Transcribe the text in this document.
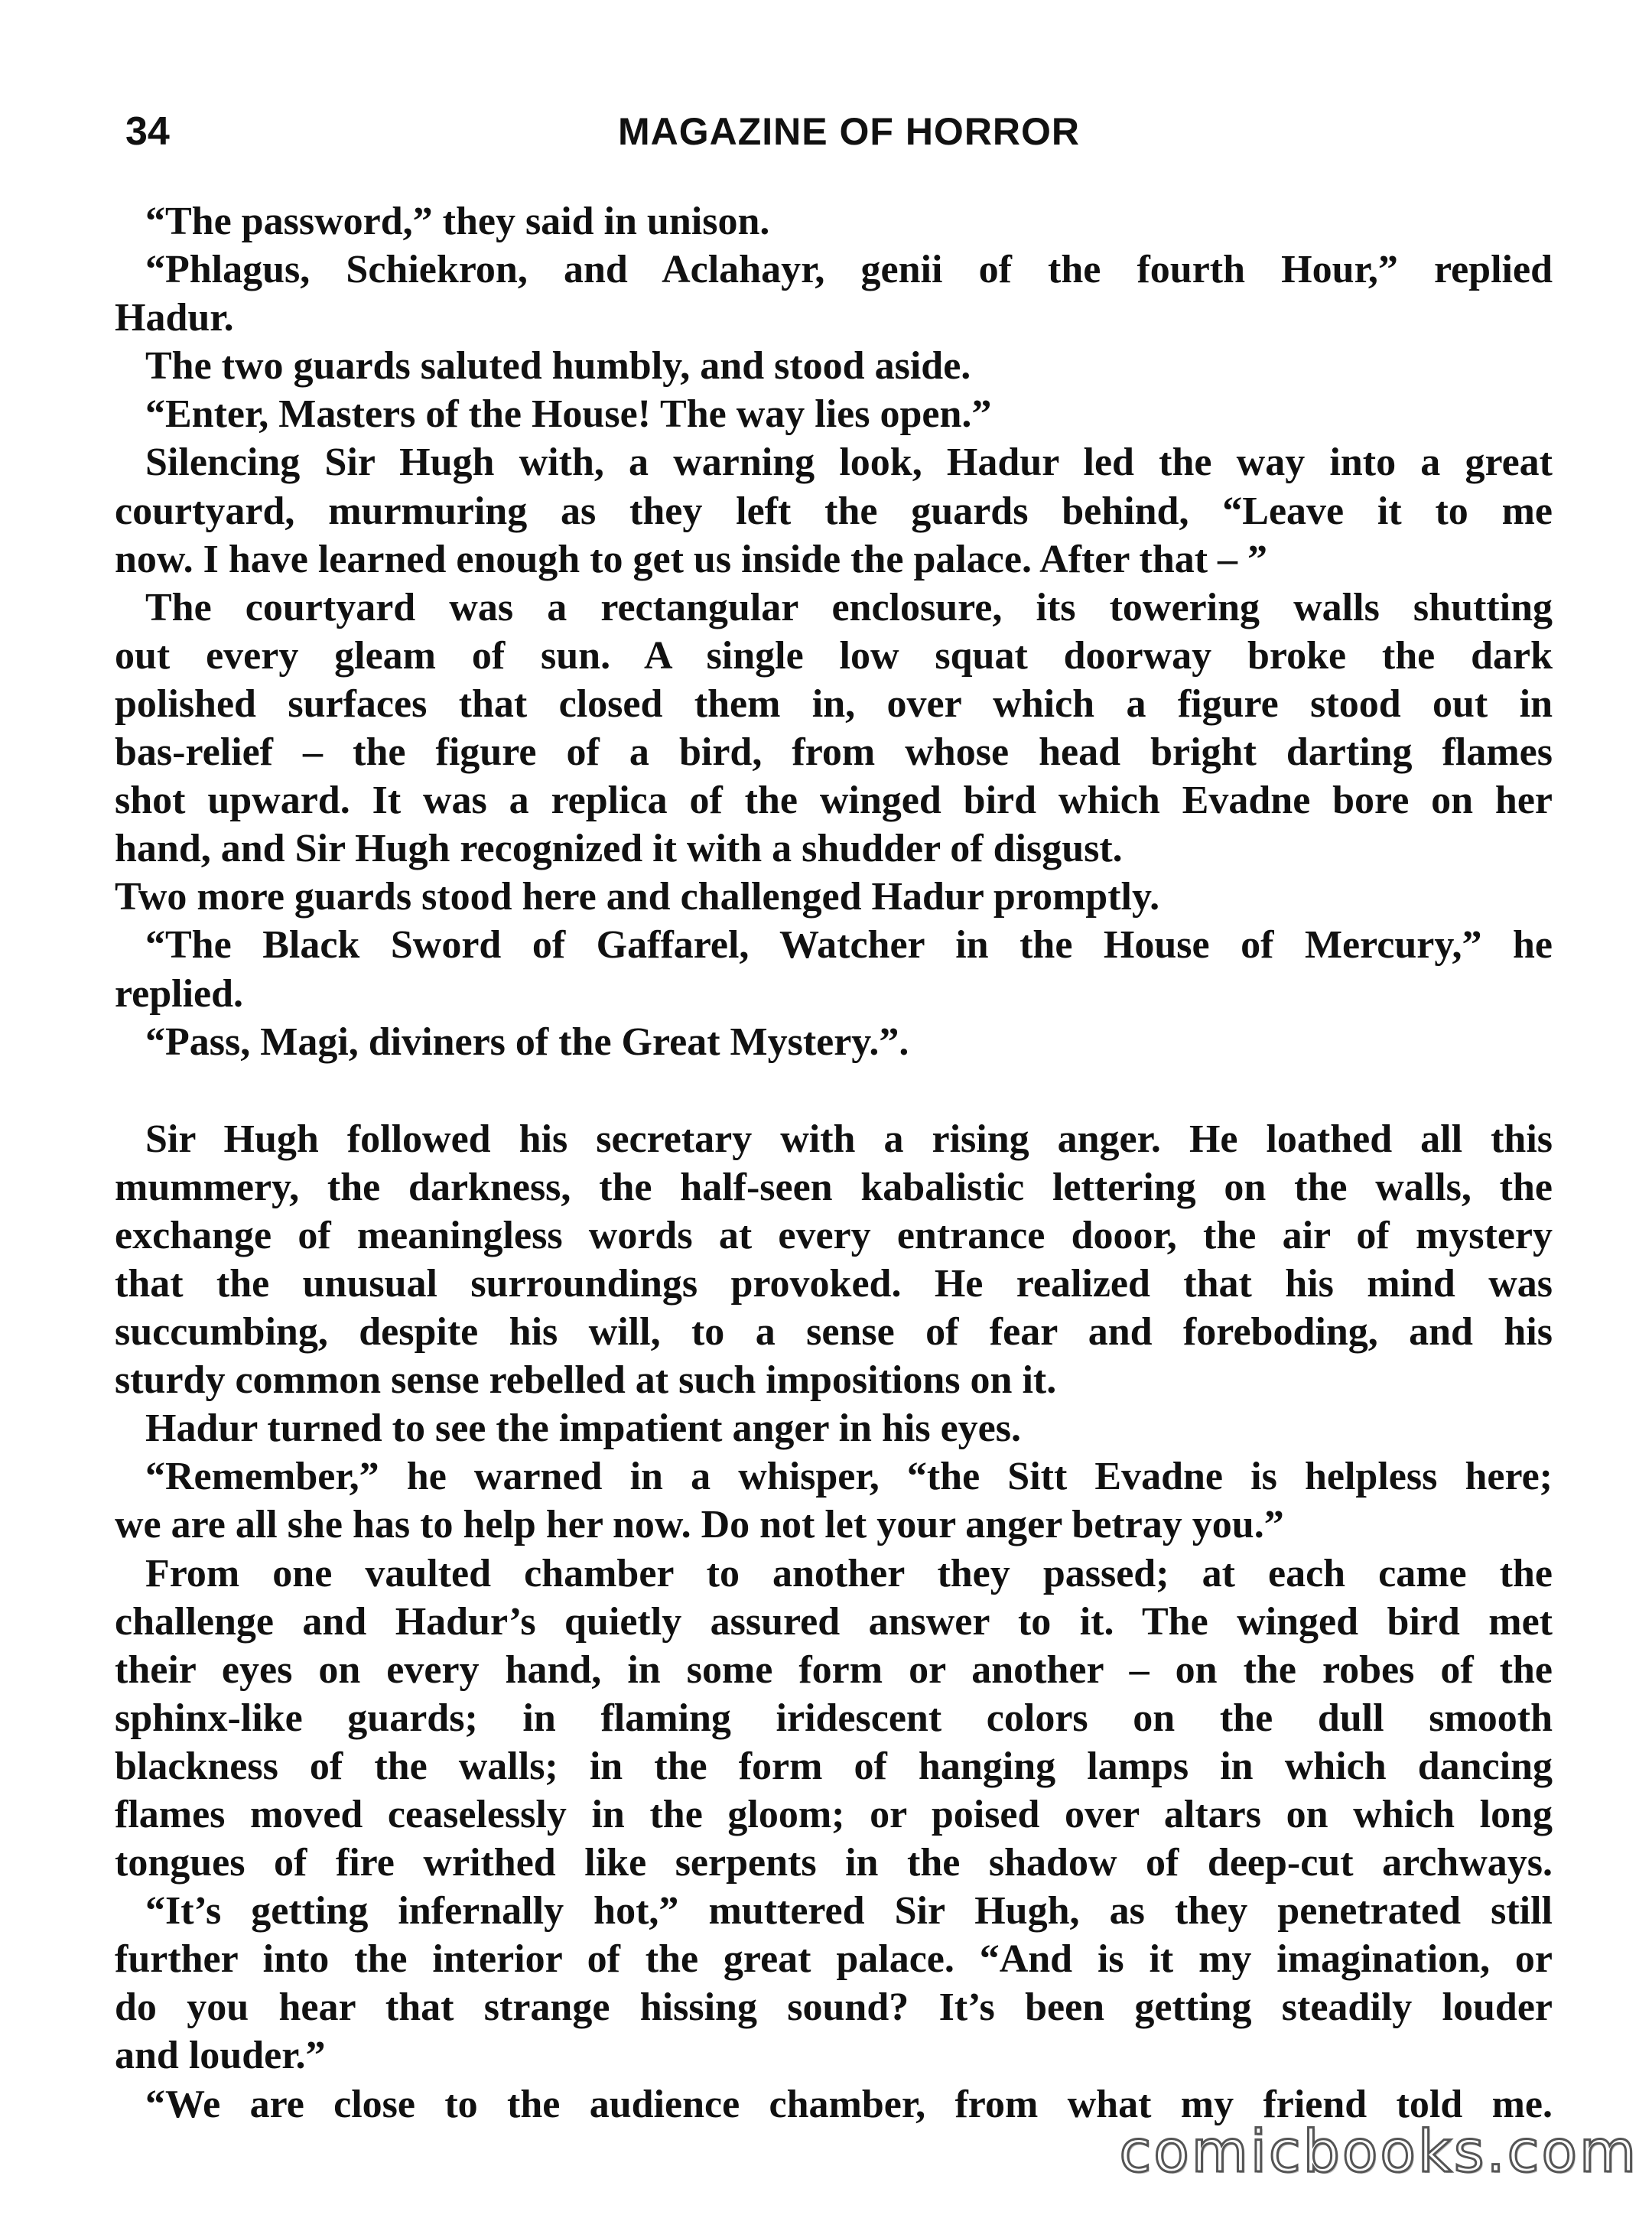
34	MAGAZINE OF HORROR
“The password,” they said in unison.
“Phlagus, Schiekron, and Aclahayr, genii of the fourth Hour,” replied
Hadur.
The two guards saluted humbly, and stood aside.
“Enter, Masters of the House! The way lies open.”
Silencing Sir Hugh with, a warning look, Hadur led the way into a great
courtyard, murmuring as they left the guards behind, “Leave it to me
now. I have learned enough to get us inside the palace. After that – ”
The courtyard was a rectangular enclosure, its towering walls shutting
out every gleam of sun. A single low squat doorway broke the dark
polished surfaces that closed them in, over which a figure stood out in
bas-relief – the figure of a bird, from whose head bright darting flames
shot upward. It was a replica of the winged bird which Evadne bore on her
hand, and Sir Hugh recognized it with a shudder of disgust.
Two more guards stood here and challenged Hadur promptly.
“The Black Sword of Gaffarel, Watcher in the House of Mercury,” he
replied.
“Pass, Magi, diviners of the Great Mystery.”.
Sir Hugh followed his secretary with a rising anger. He loathed all this
mummery, the darkness, the half-seen kabalistic lettering on the walls, the
exchange of meaningless words at every entrance dooor, the air of mystery
that the unusual surroundings provoked. He realized that his mind was
succumbing, despite his will, to a sense of fear and foreboding, and his
sturdy common sense rebelled at such impositions on it.
Hadur turned to see the impatient anger in his eyes.
“Remember,” he warned in a whisper, “the Sitt Evadne is helpless here;
we are all she has to help her now. Do not let your anger betray you.”
From one vaulted chamber to another they passed; at each came the
challenge and Hadur’s quietly assured answer to it. The winged bird met
their eyes on every hand, in some form or another – on the robes of the
sphinx-like guards; in flaming iridescent colors on the dull smooth
blackness of the walls; in the form of hanging lamps in which dancing
flames moved ceaselessly in the gloom; or poised over altars on which long
tongues of fire writhed like serpents in the shadow of deep-cut archways.
“It’s getting infernally hot,” muttered Sir Hugh, as they penetrated still
further into the interior of the great palace. “And is it my imagination, or
do you hear that strange hissing sound? It’s been getting steadily louder
and louder.”
“We are close to the audience chamber, from what my friend told me.
comicbooks.com
